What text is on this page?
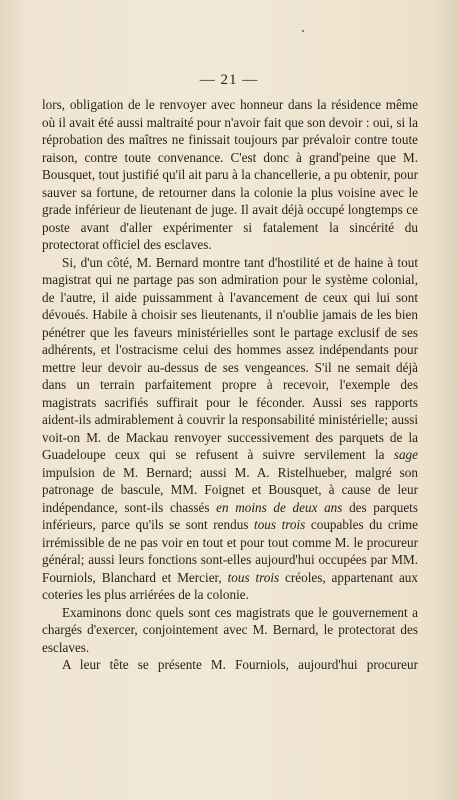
— 21 —

lors, obligation de le renvoyer avec honneur dans la résidence même où il avait été aussi maltraité pour n'avoir fait que son devoir : oui, si la réprobation des maîtres ne finissait toujours par prévaloir contre toute raison, contre toute convenance. C'est donc à grand'peine que M. Bousquet, tout justifié qu'il ait paru à la chancellerie, a pu obtenir, pour sauver sa fortune, de retourner dans la colonie la plus voisine avec le grade inférieur de lieutenant de juge. Il avait déjà occupé longtemps ce poste avant d'aller expérimenter si fatalement la sincérité du protectorat officiel des esclaves.

Si, d'un côté, M. Bernard montre tant d'hostilité et de haine à tout magistrat qui ne partage pas son admiration pour le système colonial, de l'autre, il aide puissamment à l'avancement de ceux qui lui sont dévoués. Habile à choisir ses lieutenants, il n'oublie jamais de les bien pénétrer que les faveurs ministérielles sont le partage exclusif de ses adhérents, et l'ostracisme celui des hommes assez indépendants pour mettre leur devoir au-dessus de ses vengeances. S'il ne semait déjà dans un terrain parfaitement propre à recevoir, l'exemple des magistrats sacrifiés suffirait pour le féconder. Aussi ses rapports aident-ils admirablement à couvrir la responsabilité ministérielle; aussi voit-on M. de Mackau renvoyer successivement des parquets de la Guadeloupe ceux qui se refusent à suivre servilement la sage impulsion de M. Bernard; aussi M. A. Ristelhueber, malgré son patronage de bascule, MM. Foignet et Bousquet, à cause de leur indépendance, sont-ils chassés en moins de deux ans des parquets inférieurs, parce qu'ils se sont rendus tous trois coupables du crime irrémissible de ne pas voir en tout et pour tout comme M. le procureur général; aussi leurs fonctions sont-elles aujourd'hui occupées par MM. Fourniols, Blanchard et Mercier, tous trois créoles, appartenant aux coteries les plus arriérées de la colonie.

Examinons donc quels sont ces magistrats que le gouvernement a chargés d'exercer, conjointement avec M. Bernard, le protectorat des esclaves.

A leur tête se présente M. Fourniols, aujourd'hui procureur
